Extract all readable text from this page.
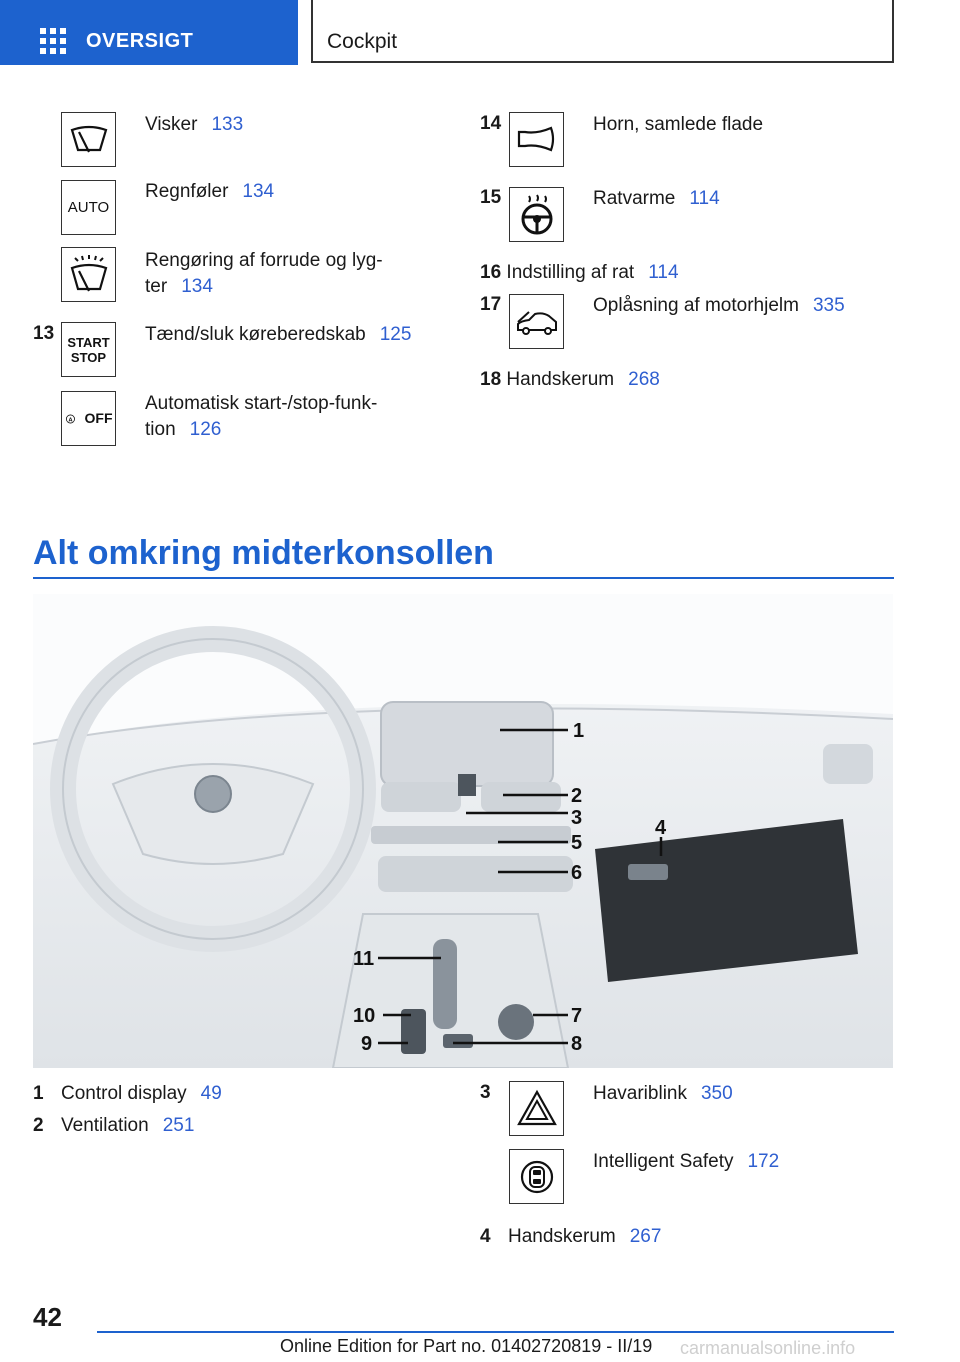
OVERSIGT	Cockpit
Visker 133
AUTO
Regnføler 134
Rengøring af forrude og lyg-
ter 134
13 START
STOP
Tænd/sluk kørеberedskab 125
A OFF
Automatisk start-/stop-funk-
tion 126
14	Horn, samlede flade
15	Ratvarme 114
16 Indstilling af rat 114
17	Oplåsning af motorhjelm 335
18 Handskerum 268
Alt omkring midterkonsollen
1
2
3	4
5
6
7
8
9
10
11
1 Control display 49
2 Ventilation 251
3	Havariblink 350
Intelligent Safety 172
4 Handskerum 267
42
Online Edition for Part no. 01402720819 - II/19 carmanualsonline.info
